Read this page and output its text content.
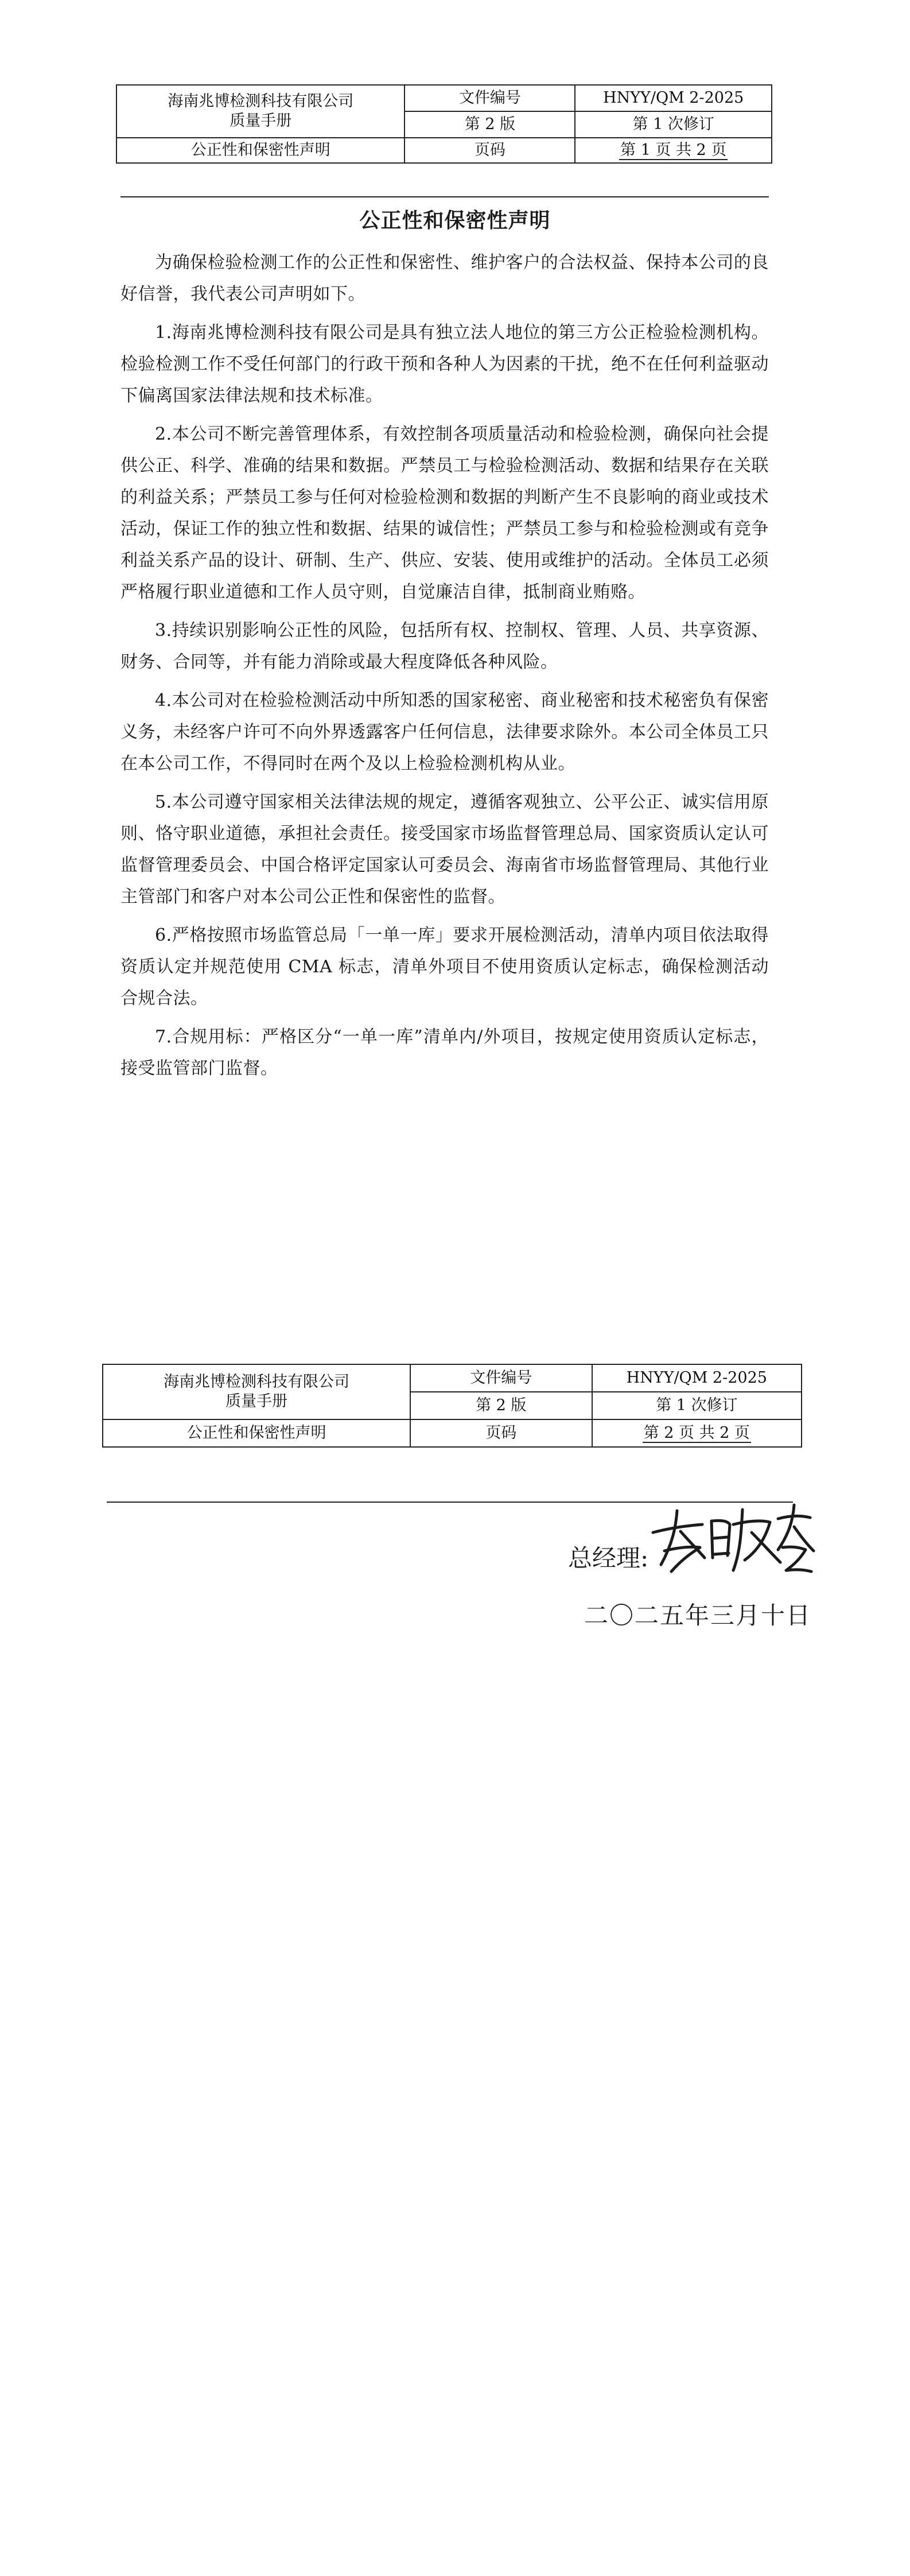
海南兆博检测科技有限公司
质量手册	文件编号	HNYY/QM 2-2025
	第 2 版	第 1 次修订
公正性和保密性声明	页码	第 1 页 共 2 页
公正性和保密性声明

为确保检验检测工作的公正性和保密性、维护客户的合法权益、保持本公司的良好信誉，我代表公司声明如下。

1.海南兆博检测科技有限公司是具有独立法人地位的第三方公正检验检测机构。检验检测工作不受任何部门的行政干预和各种人为因素的干扰，绝不在任何利益驱动下偏离国家法律法规和技术标准。

2.本公司不断完善管理体系，有效控制各项质量活动和检验检测，确保向社会提供公正、科学、准确的结果和数据。严禁员工与检验检测活动、数据和结果存在关联的利益关系；严禁员工参与任何对检验检测和数据的判断产生不良影响的商业或技术活动，保证工作的独立性和数据、结果的诚信性；严禁员工参与和检验检测或有竞争利益关系产品的设计、研制、生产、供应、安装、使用或维护的活动。全体员工必须严格履行职业道德和工作人员守则，自觉廉洁自律，抵制商业贿赂。

3.持续识别影响公正性的风险，包括所有权、控制权、管理、人员、共享资源、财务、合同等，并有能力消除或最大程度降低各种风险。

4.本公司对在检验检测活动中所知悉的国家秘密、商业秘密和技术秘密负有保密义务，未经客户许可不向外界透露客户任何信息，法律要求除外。本公司全体员工只在本公司工作，不得同时在两个及以上检验检测机构从业。

5.本公司遵守国家相关法律法规的规定，遵循客观独立、公平公正、诚实信用原则、恪守职业道德，承担社会责任。接受国家市场监督管理总局、国家资质认定认可监督管理委员会、中国合格评定国家认可委员会、海南省市场监督管理局、其他行业主管部门和客户对本公司公正性和保密性的监督。

6.严格按照市场监管总局「一单一库」要求开展检测活动，清单内项目依法取得资质认定并规范使用 CMA 标志，清单外项目不使用资质认定标志，确保检测活动合规合法。

7.合规用标：严格区分“一单一库”清单内/外项目，按规定使用资质认定标志，接受监管部门监督。

海南兆博检测科技有限公司
质量手册	文件编号	HNYY/QM 2-2025
	第 2 版	第 1 次修订
公正性和保密性声明	页码	第 2 页 共 2 页
总经理:
二〇二五年三月十日
